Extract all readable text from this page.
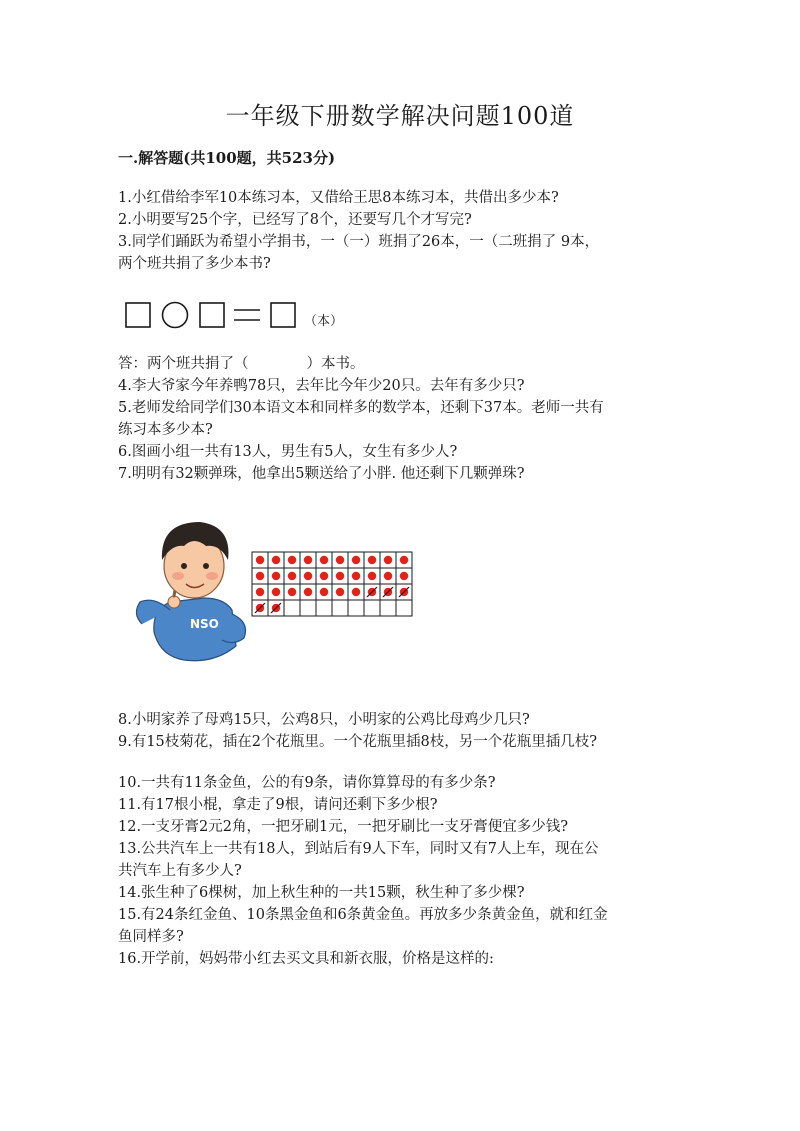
一年级下册数学解决问题100道
一.解答题(共100题，共523分)
1.小红借给李军10本练习本，又借给王思8本练习本，共借出多少本?
2.小明要写25个字，已经写了8个，还要写几个才写完?
3.同学们踊跃为希望小学捐书，一（一）班捐了26本，一（二班捐了 9本，
两个班共捐了多少本书?
（本）
答：两个班共捐了（　　　　）本书。
4.李大爷家今年养鸭78只，去年比今年少20只。去年有多少只?
5.老师发给同学们30本语文本和同样多的数学本，还剩下37本。老师一共有
练习本多少本?
6.图画小组一共有13人，男生有5人，女生有多少人?
7.明明有32颗弹珠，他拿出5颗送给了小胖. 他还剩下几颗弹珠?
NSO
8.小明家养了母鸡15只，公鸡8只，小明家的公鸡比母鸡少几只?
9.有15枝菊花，插在2个花瓶里。一个花瓶里插8枝，另一个花瓶里插几枝?
10.一共有11条金鱼，公的有9条，请你算算母的有多少条?
11.有17根小棍，拿走了9根，请问还剩下多少根?
12.一支牙膏2元2角，一把牙刷1元，一把牙刷比一支牙膏便宜多少钱?
13.公共汽车上一共有18人，到站后有9人下车，同时又有7人上车，现在公
共汽车上有多少人?
14.张生种了6棵树，加上秋生种的一共15颗，秋生种了多少棵?
15.有24条红金鱼、10条黑金鱼和6条黄金鱼。再放多少条黄金鱼，就和红金
鱼同样多?
16.开学前，妈妈带小红去买文具和新衣服，价格是这样的:
